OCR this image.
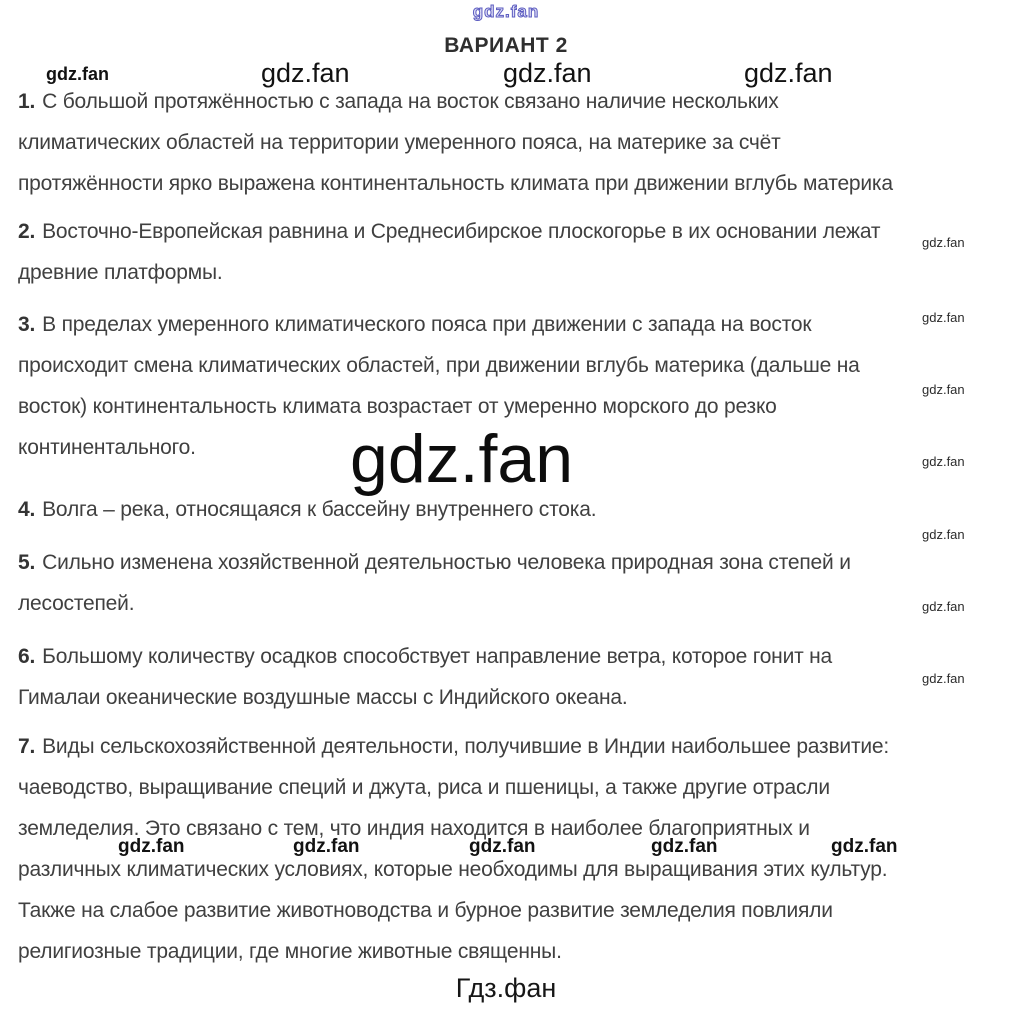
gdz.fan
ВАРИАНТ 2
gdz.fan	gdz.fan	gdz.fan	gdz.fan
gdz.fan
gdz.fan
gdz.fan
gdz.fan
gdz.fan
gdz.fan
gdz.fan
gdz.fan
gdz.fan	gdz.fan	gdz.fan	gdz.fan	gdz.fan
1. С большой протяжённостью с запада на восток связано наличие нескольких
климатических областей на территории умеренного пояса, на материке за счёт
протяжённости ярко выражена континентальность климата при движении вглубь материка
2. Восточно-Европейская равнина и Среднесибирское плоскогорье в их основании лежат
древние платформы.
3. В пределах умеренного климатического пояса при движении с запада на восток
происходит смена климатических областей, при движении вглубь материка (дальше на
восток) континентальность климата возрастает от умеренно морского до резко
континентального.
4. Волга – река, относящаяся к бассейну внутреннего стока.
5. Сильно изменена хозяйственной деятельностью человека природная зона степей и
лесостепей.
6. Большому количеству осадков способствует направление ветра, которое гонит на
Гималаи океанические воздушные массы с Индийского океана.
7. Виды сельскохозяйственной деятельности, получившие в Индии наибольшее развитие:
чаеводство, выращивание специй и джута, риса и пшеницы, а также другие отрасли
земледелия. Это связано с тем, что индия находится в наиболее благоприятных и
различных климатических условиях, которые необходимы для выращивания этих культур.
Также на слабое развитие животноводства и бурное развитие земледелия повлияли
религиозные традиции, где многие животные священны.
Гдз.фан
